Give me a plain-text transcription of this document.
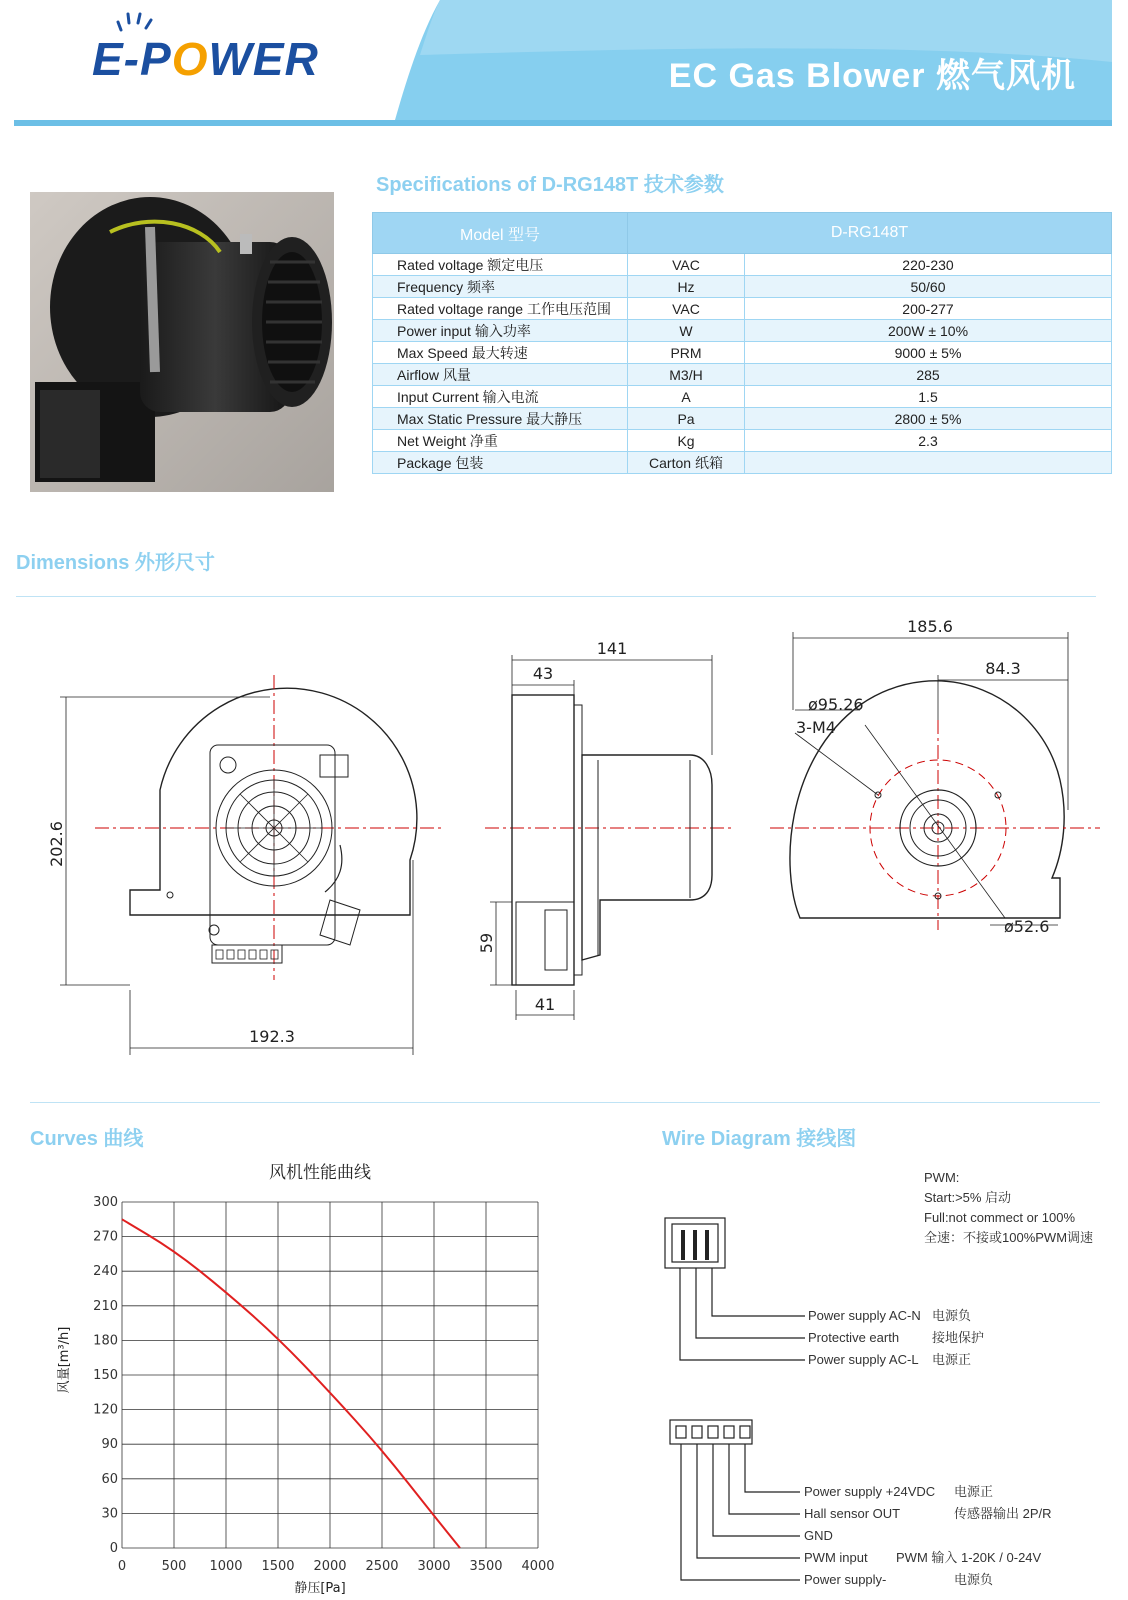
E-POWER	EC Gas Blower 燃气风机
Specifications of D-RG148T 技术参数
Model 型号	D-RG148T	
Rated voltage 额定电压	VAC	220-230
Frequency 频率	Hz	50/60
Rated voltage range 工作电压范围	VAC	200-277
Power input 输入功率	W	200W ± 10%
Max Speed 最大转速	PRM	9000 ± 5%
Airflow 风量	M3/H	285
Input Current 输入电流	A	1.5
Max Static Pressure 最大静压	Pa	2800 ± 5%
Net Weight 净重	Kg	2.3
Package 包装	Carton 纸箱	
Dimensions 外形尺寸
202.6
192.3
141
43
59
41
185.6
84.3
ø95.26
3-M4
ø52.6
Curves 曲线
风机性能曲线
0	500 1000 1500 2000 2500 3000 3500 4000
0
30
60
90
120
150
180
210
240
270
300
静压[Pa]
风量[m³/h]
Wire Diagram 接线图
PWM:
Start:>5% 启动
Full:not commect or 100%
全速：不接或100%PWM调速
Power supply AC-N 电源负
Protective earth	接地保护
Power supply AC-L 电源正
Power supply +24VDC 电源正
Hall sensor OUT	传感器输出 2P/R
GND
PWM input PWM 输入 1-20K / 0-24V
Power supply-	电源负
